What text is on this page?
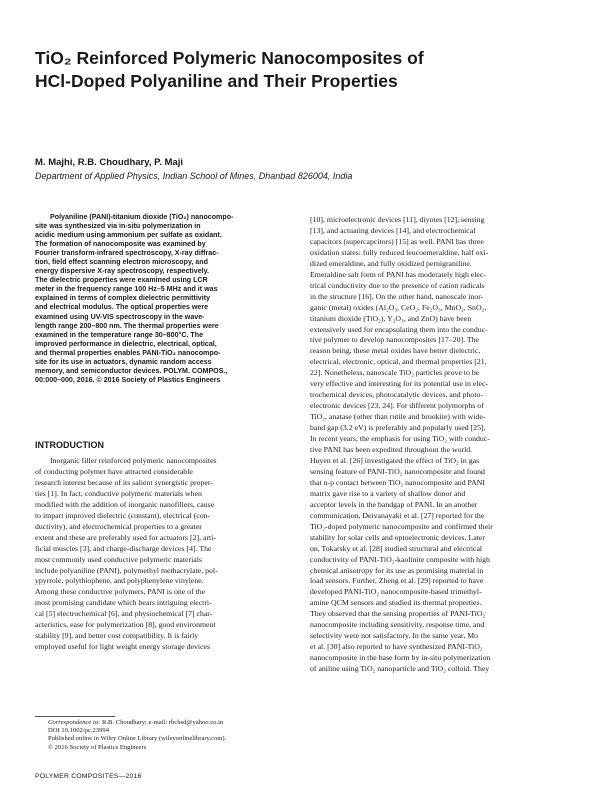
TiO₂ Reinforced Polymeric Nanocomposites of
HCl-Doped Polyaniline and Their Properties
M. Majhi, R.B. Choudhary, P. Maji
Department of Applied Physics, Indian School of Mines, Dhanbad 826004, India
Polyaniline (PANI)-titanium dioxide (TiO₂) nanocompo-
site was synthesized via in-situ polymerization in
acidic medium using ammonium per sulfate as oxidant.
The formation of nanocomposite was examined by
Fourier transform-infrared spectroscopy, X-ray diffrac-
tion, field effect scanning electron microscopy, and
energy dispersive X-ray spectroscopy, respectively.
The dielectric properties were examined using LCR
meter in the frequency range 100 Hz–5 MHz and it was
explained in terms of complex dielectric permittivity
and electrical modulus. The optical properties were
examined using UV-VIS spectroscopy in the wave-
length range 200–800 nm. The thermal properties were
examined in the temperature range 30–800°C. The
improved performance in dielectric, electrical, optical,
and thermal properties enables PANI-TiO₂ nanocompo-
site for its use in actuators, dynamic random access
memory, and semiconductor devices. POLYM. COMPOS.,
00:000–000, 2016. © 2016 Society of Plastics Engineers
INTRODUCTION
Inorganic filler reinforced polymeric nanocomposites
of conducting polymer have attracted considerable
research interest because of its salient synergistic proper-
ties [1]. In fact, conductive polymeric materials when
modified with the addition of inorganic nanofillers, cause
to impart improved dielectric (constant), electrical (con-
ductivity), and electrochemical properties to a greater
extent and these are preferably used for actuators [2], arti-
ficial muscles [3], and charge-discharge devices [4]. The
most commonly used conductive polymeric materials
include polyaniline (PANI), polymethyl methacrylate, pol-
ypyrrole, polythiophene, and polyphenylene vinylene.
Among these conductive polymers, PANI is one of the
most promising candidate which bears intriguing electri-
cal [5] electrochemical [6], and physiochemical [7] char-
acteristics, ease for polymerization [8], good environment
stability [9], and better cost compatibility. It is fairly
employed useful for light weight energy storage devices
[10], microelectronic devices [11], diyotes [12], sensing
[13], and actuating devices [14], and electrochemical
capacitors (supercapcitors) [15] as well. PANI has three
oxidation states: fully reduced leucoemeraldine, half oxi-
dized emeraldine, and fully oxidized pernigraniline.
Emeraldine salt form of PANI has moderately high elec-
trical conductivity due to the presence of cation radicals
in the structure [16]. On the other hand, nanoscale inor-
ganic (metal) oxides (Al₂O₃, CeO₂, Fe₂O₃, MnO₂, SnO₂,
titanium dioxide (TiO₂), Y₂O₃, and ZnO) have been
extensively used for encapsulating them into the conduc-
tive polymer to develop nanocomposites [17–20]. The
reason being, these metal oxides have better dielectric,
electrical, electronic, optical, and thermal properties [21,
22]. Nonetheless, nanoscale TiO₂ particles prove to be
very effective and interesting for its potential use in elec-
trochemical devices, photocatalytic devices, and photo-
electronic devices [23, 24]. For different polymorphs of
TiO₂, anatase (other than rutile and brookite) with wide-
band gap (3.2 eV) is preferably and popularly used [25].
In recent years, the emphasis for using TiO₂ with conduc-
tive PANI has been expedited throughout the world.
Huyen et al. [26] investigated the effect of TiO₂ in gas
sensing feature of PANI-TiO₂ nanocomposite and found
that n-p contact between TiO₂ nanocomposite and PANI
matrix gave rise to a variety of shallow donor and
acceptor levels in the bandgap of PANI. In an another
communication, Deivanayaki et al. [27] reported for the
TiO₂-doped polymeric nanocomposite and confirmed their
stability for solar cells and optoelectronic devices. Later
on, Tokarsky et al. [28] studied structural and electrical
conductivity of PANI-TiO₂-kaolinite composite with high
chemical anisotropy for its use as promising material in
load sensors. Further, Zheng et al. [29] reported to have
developed PANI-TiO₂ nanocomposite-based trimethyl-
amine QCM sensors and studied its thermal properties.
They observed that the sensing properties of PANI-TiO₂
nanocomposite including sensitivity, response time, and
selectivity were not satisfactory. In the same year, Mo
et al. [30] also reported to have synthesized PANI-TiO₂
nanocomposite in the base form by in-situ polymerization
of aniline using TiO₂ nanoparticle and TiO₂ colloid. They
Correspondence to: R.B. Choudhary; e-mail: rbchsd@yahoo.co.in
DOI 10.1002/pc.23994
Published online in Wiley Online Library (wileyonlinelibrary.com).
© 2016 Society of Plastics Engineers
POLYMER COMPOSITES—2016
